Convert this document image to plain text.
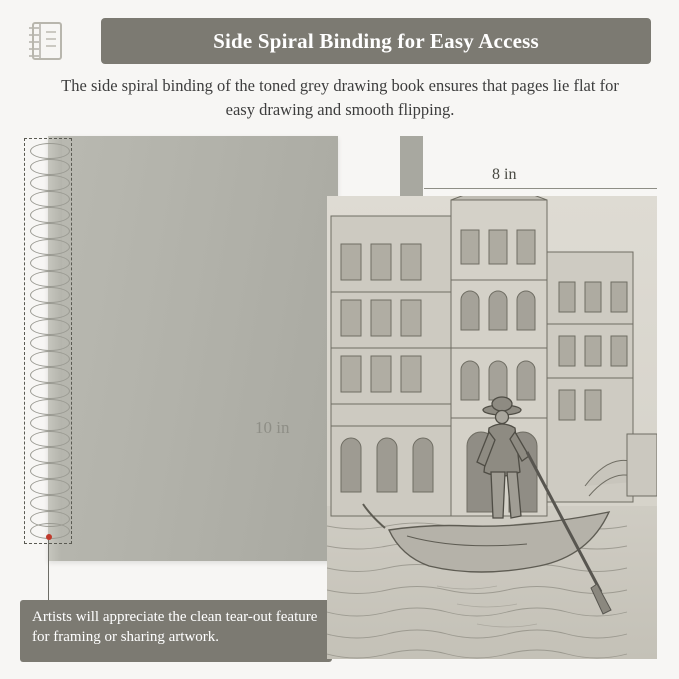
Side Spiral Binding for Easy Access
The side spiral binding of the toned grey drawing book ensures that pages lie flat for easy drawing and smooth flipping.
10 in
Artists will appreciate the clean tear-out feature for framing or sharing artwork.
8 in
